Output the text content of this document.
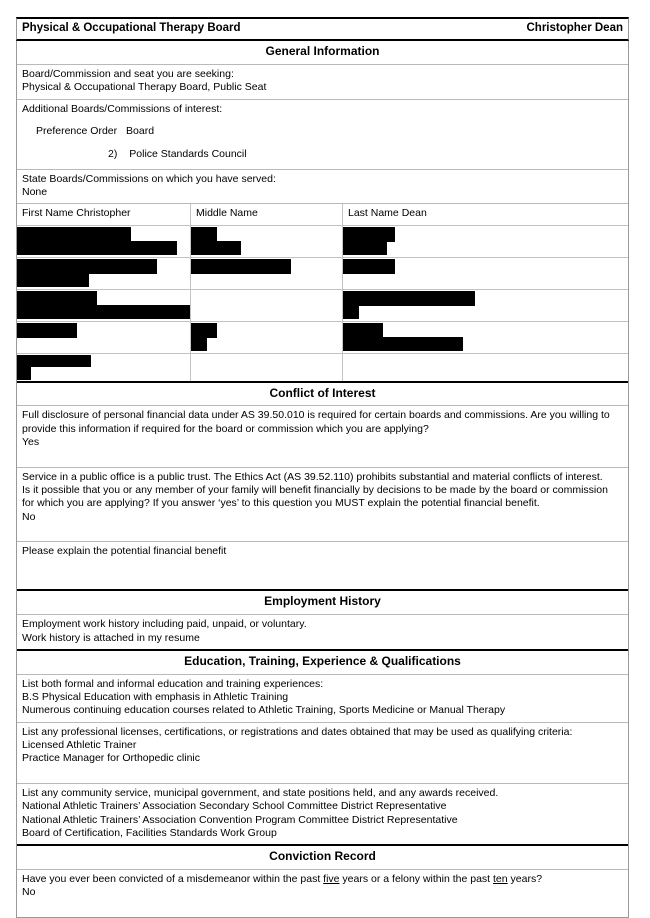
Physical & Occupational Therapy Board	Christopher Dean
General Information
Board/Commission and seat you are seeking:
Physical & Occupational Therapy Board, Public Seat
Additional Boards/Commissions of interest:
Preference Order Board
2) Police Standards Council
State Boards/Commissions on which you have served:
None
First Name Christopher	Middle Name	Last Name Dean
Conflict of Interest
Full disclosure of personal financial data under AS 39.50.010 is required for certain boards and commissions. Are you willing to
provide this information if required for the board or commission which you are applying?
Yes

Service in a public office is a public trust. The Ethics Act (AS 39.52.110) prohibits substantial and material conflicts of interest.
Is it possible that you or any member of your family will benefit financially by decisions to be made by the board or commission
for which you are applying? If you answer ‘yes’ to this question you MUST explain the potential financial benefit.
No

Please explain the potential financial benefit

Employment History
Employment work history including paid, unpaid, or voluntary.
Work history is attached in my resume
Education, Training, Experience & Qualifications
List both formal and informal education and training experiences:
B.S Physical Education with emphasis in Athletic Training
Numerous continuing education courses related to Athletic Training, Sports Medicine or Manual Therapy
List any professional licenses, certifications, or registrations and dates obtained that may be used as qualifying criteria:
Licensed Athletic Trainer
Practice Manager for Orthopedic clinic

List any community service, municipal government, and state positions held, and any awards received.
National Athletic Trainers’ Association Secondary School Committee District Representative
National Athletic Trainers’ Association Convention Program Committee District Representative
Board of Certification, Facilities Standards Work Group
Conviction Record
Have you ever been convicted of a misdemeanor within the past five years or a felony within the past ten years?
No
